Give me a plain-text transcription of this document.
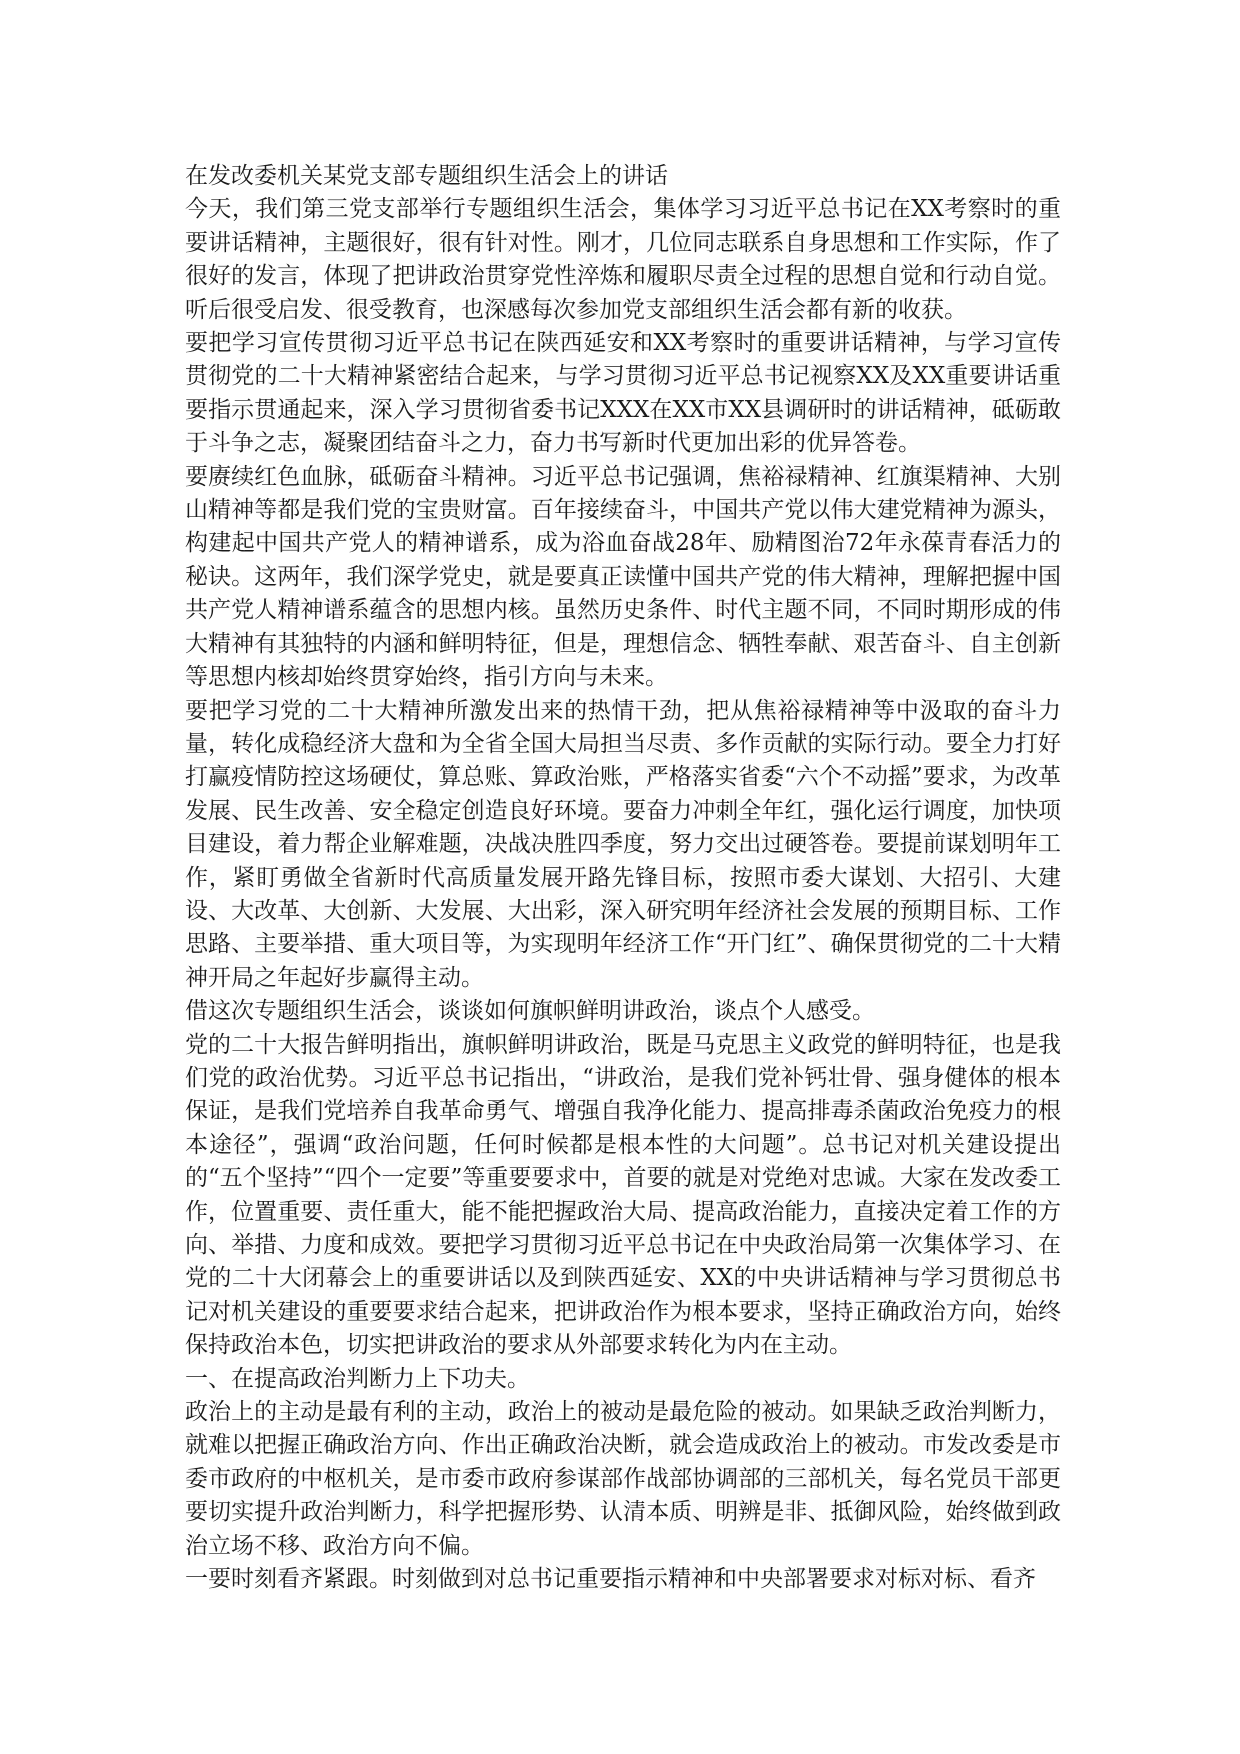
在发改委机关某党支部专题组织生活会上的讲话

今天，我们第三党支部举行专题组织生活会，集体学习习近平总书记在XX考察时的重要讲话精神，主题很好，很有针对性。刚才，几位同志联系自身思想和工作实际，作了很好的发言，体现了把讲政治贯穿党性淬炼和履职尽责全过程的思想自觉和行动自觉。听后很受启发、很受教育，也深感每次参加党支部组织生活会都有新的收获。

要把学习宣传贯彻习近平总书记在陕西延安和XX考察时的重要讲话精神，与学习宣传贯彻党的二十大精神紧密结合起来，与学习贯彻习近平总书记视察XX及XX重要讲话重要指示贯通起来，深入学习贯彻省委书记XXX在XX市XX县调研时的讲话精神，砥砺敢于斗争之志，凝聚团结奋斗之力，奋力书写新时代更加出彩的优异答卷。

要赓续红色血脉，砥砺奋斗精神。习近平总书记强调，焦裕禄精神、红旗渠精神、大别山精神等都是我们党的宝贵财富。百年接续奋斗，中国共产党以伟大建党精神为源头，构建起中国共产党人的精神谱系，成为浴血奋战28年、励精图治72年永葆青春活力的秘诀。这两年，我们深学党史，就是要真正读懂中国共产党的伟大精神，理解把握中国共产党人精神谱系蕴含的思想内核。虽然历史条件、时代主题不同，不同时期形成的伟大精神有其独特的内涵和鲜明特征，但是，理想信念、牺牲奉献、艰苦奋斗、自主创新等思想内核却始终贯穿始终，指引方向与未来。

要把学习党的二十大精神所激发出来的热情干劲，把从焦裕禄精神等中汲取的奋斗力量，转化成稳经济大盘和为全省全国大局担当尽责、多作贡献的实际行动。要全力打好打赢疫情防控这场硬仗，算总账、算政治账，严格落实省委“六个不动摇”要求，为改革发展、民生改善、安全稳定创造良好环境。要奋力冲刺全年红，强化运行调度，加快项目建设，着力帮企业解难题，决战决胜四季度，努力交出过硬答卷。要提前谋划明年工作，紧盯勇做全省新时代高质量发展开路先锋目标，按照市委大谋划、大招引、大建设、大改革、大创新、大发展、大出彩，深入研究明年经济社会发展的预期目标、工作思路、主要举措、重大项目等，为实现明年经济工作“开门红”、确保贯彻党的二十大精神开局之年起好步赢得主动。

借这次专题组织生活会，谈谈如何旗帜鲜明讲政治，谈点个人感受。

党的二十大报告鲜明指出，旗帜鲜明讲政治，既是马克思主义政党的鲜明特征，也是我们党的政治优势。习近平总书记指出，“讲政治，是我们党补钙壮骨、强身健体的根本保证，是我们党培养自我革命勇气、增强自我净化能力、提高排毒杀菌政治免疫力的根本途径”，强调“政治问题，任何时候都是根本性的大问题”。总书记对机关建设提出的“五个坚持”“四个一定要”等重要要求中，首要的就是对党绝对忠诚。大家在发改委工作，位置重要、责任重大，能不能把握政治大局、提高政治能力，直接决定着工作的方向、举措、力度和成效。要把学习贯彻习近平总书记在中央政治局第一次集体学习、在党的二十大闭幕会上的重要讲话以及到陕西延安、XX的中央讲话精神与学习贯彻总书记对机关建设的重要要求结合起来，把讲政治作为根本要求，坚持正确政治方向，始终保持政治本色，切实把讲政治的要求从外部要求转化为内在主动。

一、在提高政治判断力上下功夫。

政治上的主动是最有利的主动，政治上的被动是最危险的被动。如果缺乏政治判断力，就难以把握正确政治方向、作出正确政治决断，就会造成政治上的被动。市发改委是市委市政府的中枢机关，是市委市政府参谋部作战部协调部的三部机关，每名党员干部更要切实提升政治判断力，科学把握形势、认清本质、明辨是非、抵御风险，始终做到政治立场不移、政治方向不偏。

一要时刻看齐紧跟。时刻做到对总书记重要指示精神和中央部署要求对标对标、看齐
